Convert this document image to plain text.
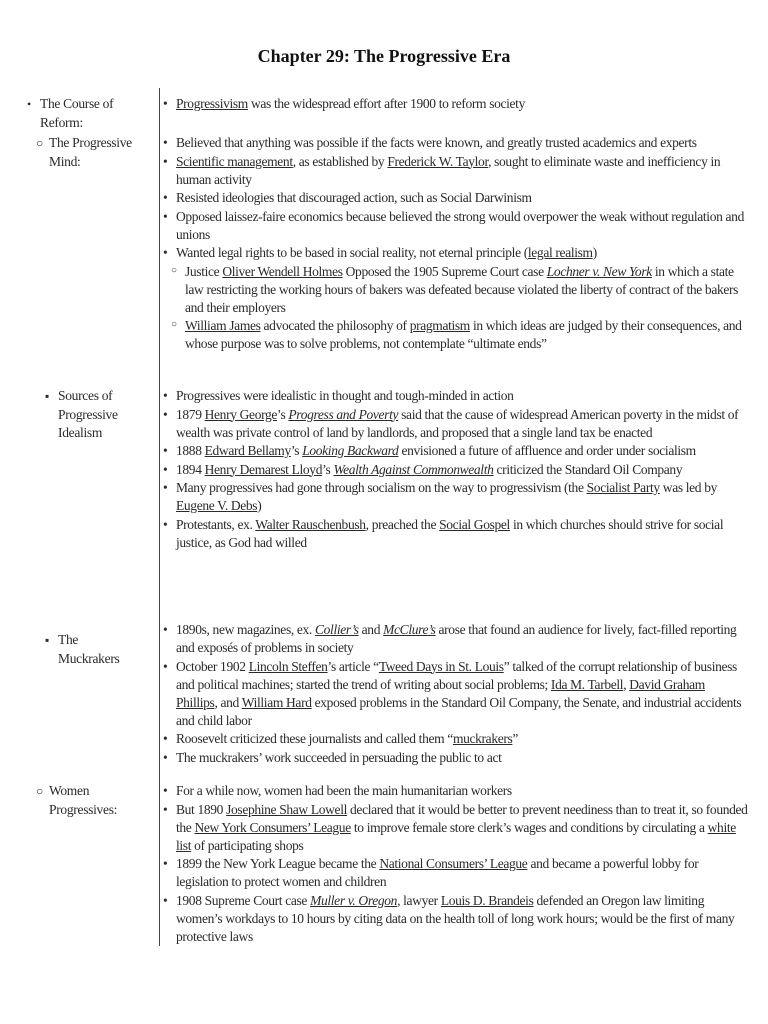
Chapter 29: The Progressive Era
• The Course of Reform:
• Progressivism was the widespread effort after 1900 to reform society
○ The Progressive Mind:
• Believed that anything was possible if the facts were known, and greatly trusted academics and experts
• Scientific management, as established by Frederick W. Taylor, sought to eliminate waste and inefficiency in human activity
• Resisted ideologies that discouraged action, such as Social Darwinism
• Opposed laissez-faire economics because believed the strong would overpower the weak without regulation and unions
• Wanted legal rights to be based in social reality, not eternal principle (legal realism)
○ Justice Oliver Wendell Holmes Opposed the 1905 Supreme Court case Lochner v. New York in which a state law restricting the working hours of bakers was defeated because violated the liberty of contract of the bakers and their employers
○ William James advocated the philosophy of pragmatism in which ideas are judged by their consequences, and whose purpose was to solve problems, not contemplate “ultimate ends”
▪ Sources of Progressive Idealism
• Progressives were idealistic in thought and tough-minded in action
• 1879 Henry George’s Progress and Poverty said that the cause of widespread American poverty in the midst of wealth was private control of land by landlords, and proposed that a single land tax be enacted
• 1888 Edward Bellamy’s Looking Backward envisioned a future of affluence and order under socialism
• 1894 Henry Demarest Lloyd’s Wealth Against Commonwealth criticized the Standard Oil Company
• Many progressives had gone through socialism on the way to progressivism (the Socialist Party was led by Eugene V. Debs)
• Protestants, ex. Walter Rauschenbush, preached the Social Gospel in which churches should strive for social justice, as God had willed
▪ The Muckrakers
• 1890s, new magazines, ex. Collier’s and McClure’s arose that found an audience for lively, fact-filled reporting and exposés of problems in society
• October 1902 Lincoln Steffen’s article “Tweed Days in St. Louis” talked of the corrupt relationship of business and political machines; started the trend of writing about social problems; Ida M. Tarbell, David Graham Phillips, and William Hard exposed problems in the Standard Oil Company, the Senate, and industrial accidents and child labor
• Roosevelt criticized these journalists and called them “muckrakers”
• The muckrakers’ work succeeded in persuading the public to act
○ Women Progressives:
• For a while now, women had been the main humanitarian workers
• But 1890 Josephine Shaw Lowell declared that it would be better to prevent neediness than to treat it, so founded the New York Consumers’ League to improve female store clerk’s wages and conditions by circulating a white list of participating shops
• 1899 the New York League became the National Consumers’ League and became a powerful lobby for legislation to protect women and children
• 1908 Supreme Court case Muller v. Oregon, lawyer Louis D. Brandeis defended an Oregon law limiting women’s workdays to 10 hours by citing data on the health toll of long work hours; would be the first of many protective laws
